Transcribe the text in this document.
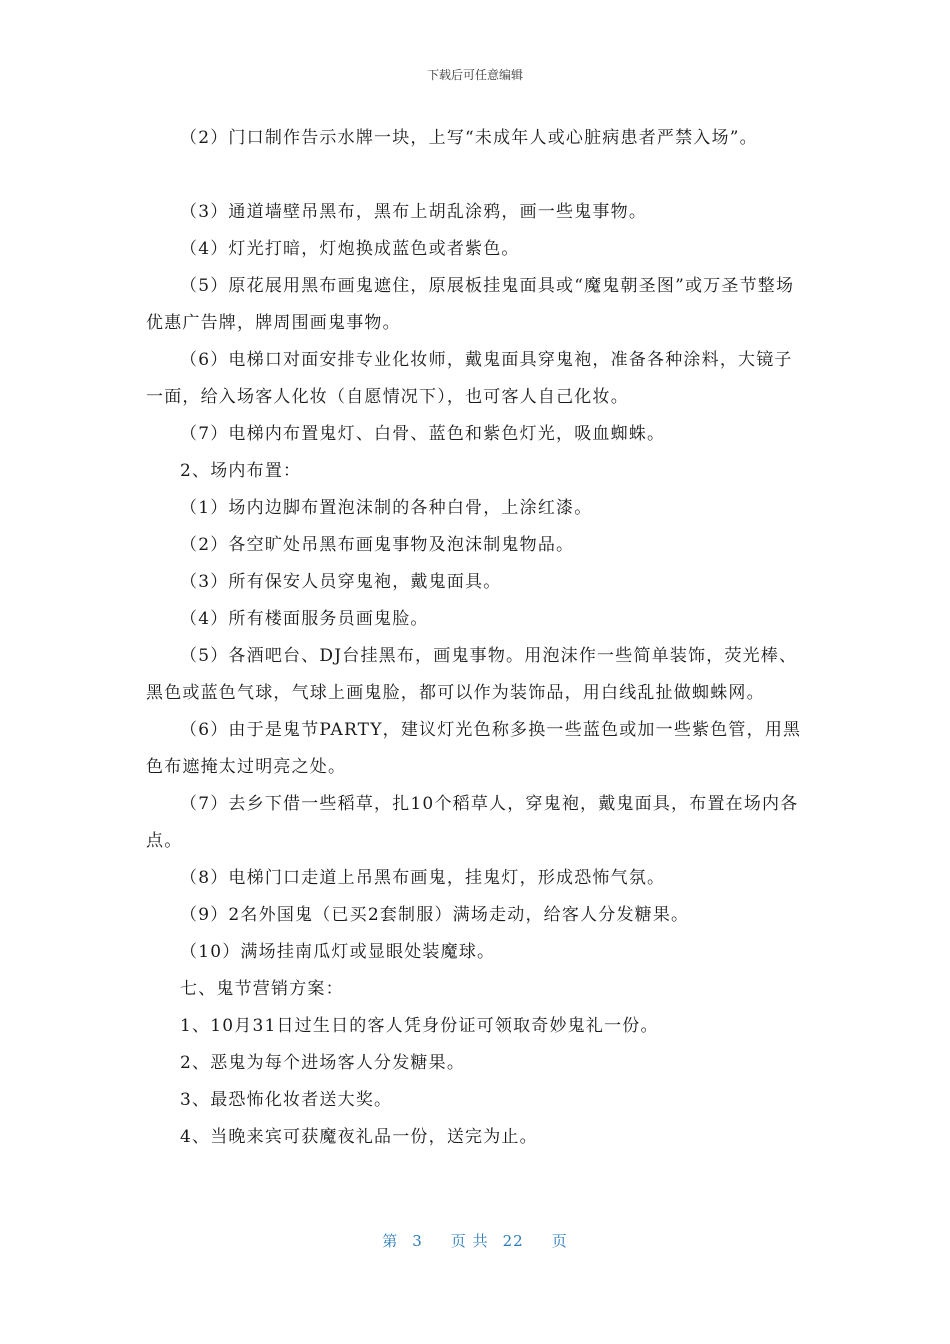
下载后可任意编辑

（2）门口制作告示水牌一块，上写“未成年人或心脏病患者严禁入场”。

（3）通道墙壁吊黑布，黑布上胡乱涂鸦，画一些鬼事物。

（4）灯光打暗，灯炮换成蓝色或者紫色。

（5）原花展用黑布画鬼遮住，原展板挂鬼面具或“魔鬼朝圣图”或万圣节整场优惠广告牌，牌周围画鬼事物。

（6）电梯口对面安排专业化妆师，戴鬼面具穿鬼袍，准备各种涂料，大镜子一面，给入场客人化妆（自愿情况下），也可客人自己化妆。

（7）电梯内布置鬼灯、白骨、蓝色和紫色灯光，吸血蜘蛛。

2、场内布置：

（1）场内边脚布置泡沫制的各种白骨，上涂红漆。

（2）各空旷处吊黑布画鬼事物及泡沫制鬼物品。

（3）所有保安人员穿鬼袍，戴鬼面具。

（4）所有楼面服务员画鬼脸。

（5）各酒吧台、DJ台挂黑布，画鬼事物。用泡沫作一些简单装饰，荧光棒、黑色或蓝色气球，气球上画鬼脸，都可以作为装饰品，用白线乱扯做蜘蛛网。

（6）由于是鬼节PARTY，建议灯光色称多换一些蓝色或加一些紫色管，用黑色布遮掩太过明亮之处。

（7）去乡下借一些稻草，扎10个稻草人，穿鬼袍，戴鬼面具，布置在场内各点。

（8）电梯门口走道上吊黑布画鬼，挂鬼灯，形成恐怖气氛。

（9）2名外国鬼（已买2套制服）满场走动，给客人分发糖果。

（10）满场挂南瓜灯或显眼处装魔球。

七、鬼节营销方案：

1、10月31日过生日的客人凭身份证可领取奇妙鬼礼一份。

2、恶鬼为每个进场客人分发糖果。

3、最恐怖化妆者送大奖。

4、当晚来宾可获魔夜礼品一份，送完为止。

第 3 页 共 22 页
